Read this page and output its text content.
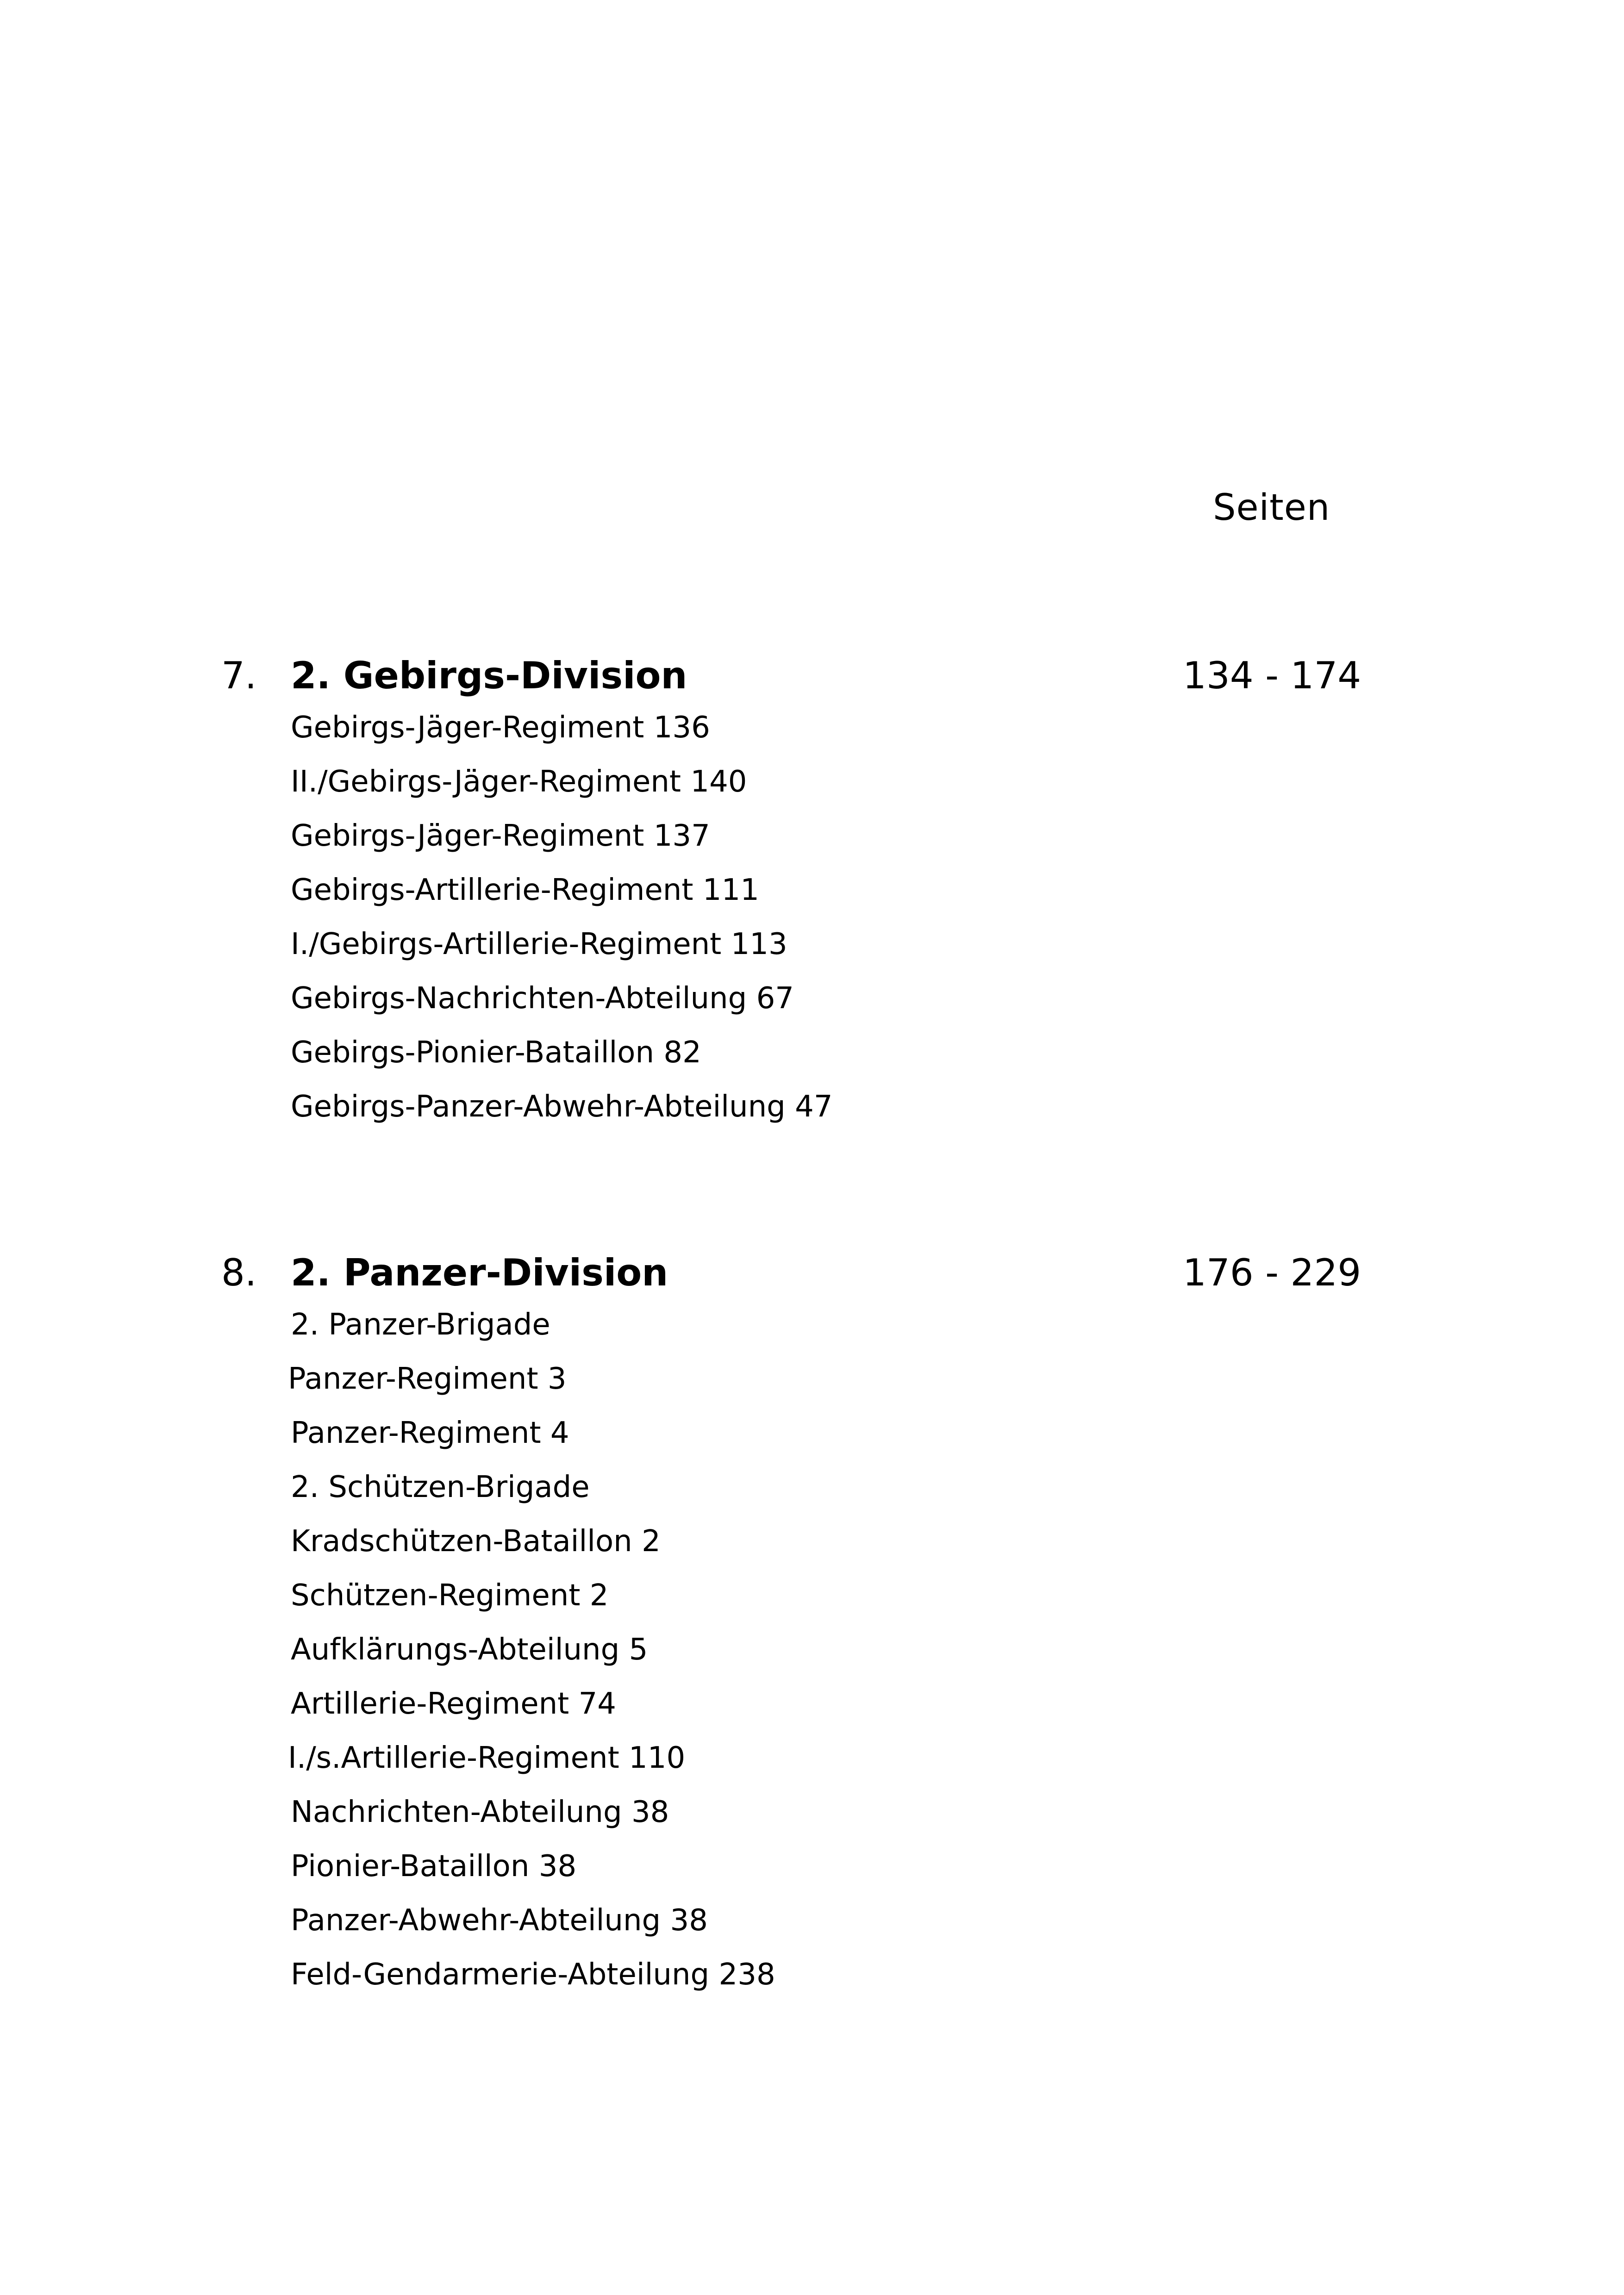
Seiten
7. 2. Gebirgs-Division	134 - 174
Gebirgs-Jäger-Regiment 136
II./Gebirgs-Jäger-Regiment 140
Gebirgs-Jäger-Regiment 137
Gebirgs-Artillerie-Regiment 111
I./Gebirgs-Artillerie-Regiment 113
Gebirgs-Nachrichten-Abteilung 67
Gebirgs-Pionier-Bataillon 82
Gebirgs-Panzer-Abwehr-Abteilung 47
8. 2. Panzer-Division	176 - 229
2. Panzer-Brigade
Panzer-Regiment 3
Panzer-Regiment 4
2. Schützen-Brigade
Kradschützen-Bataillon 2
Schützen-Regiment 2
Aufklärungs-Abteilung 5
Artillerie-Regiment 74
I./s.Artillerie-Regiment 110
Nachrichten-Abteilung 38
Pionier-Bataillon 38
Panzer-Abwehr-Abteilung 38
Feld-Gendarmerie-Abteilung 238
